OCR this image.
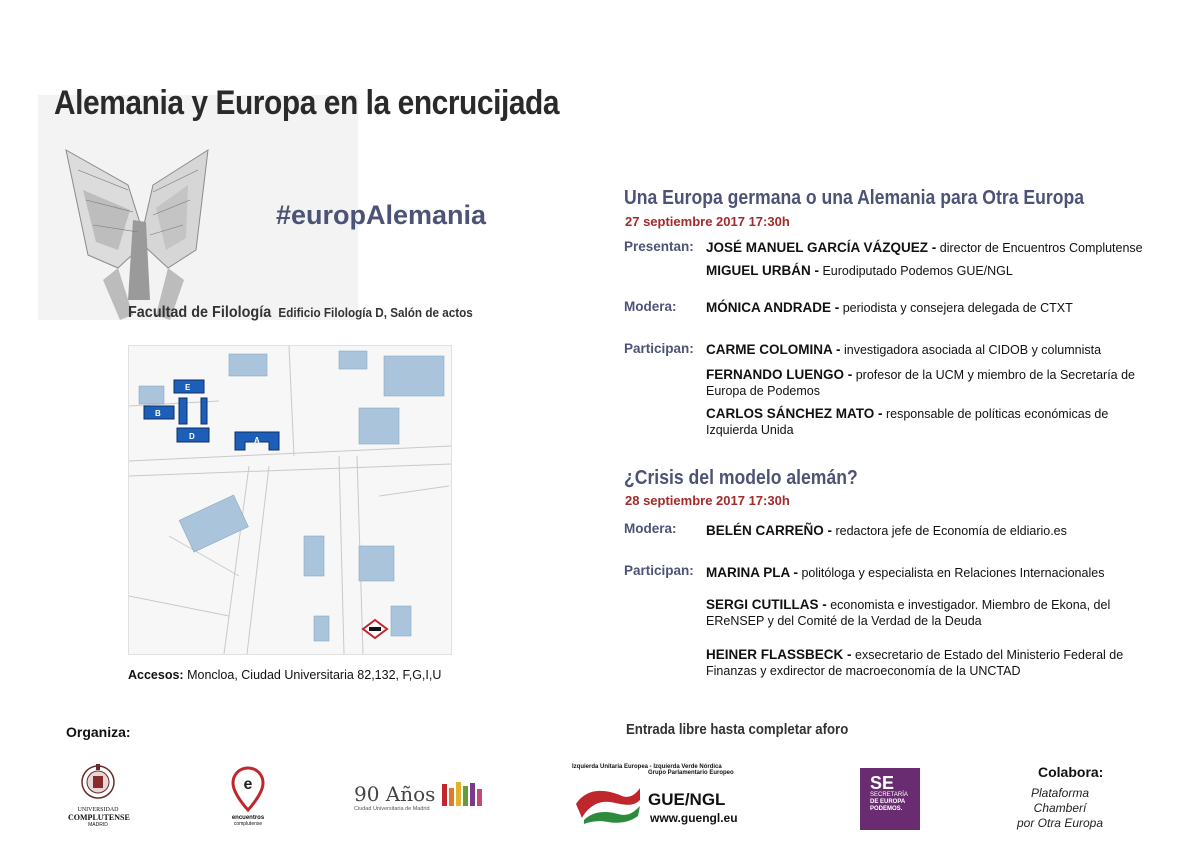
Alemania y Europa en la encrucijada
#europAlemania
Facultad de Filología Edificio Filología D, Salón de actos
E
B
D	A
Accesos: Moncloa, Ciudad Universitaria 82,132, F,G,I,U
Una Europa germana o una Alemania para Otra Europa
27 septiembre 2017 17:30h
Presentan: JOSÉ MANUEL GARCÍA VÁZQUEZ - director de Encuentros Complutense
MIGUEL URBÁN - Eurodiputado Podemos GUE/NGL
Modera: MÓNICA ANDRADE - periodista y consejera delegada de CTXT
Participan: CARME COLOMINA - investigadora asociada al CIDOB y columnista
FERNANDO LUENGO - profesor de la UCM y miembro de la Secretaría de Europa de Podemos
CARLOS SÁNCHEZ MATO - responsable de políticas económicas de Izquierda Unida
¿Crisis del modelo alemán?
28 septiembre 2017 17:30h
Modera: BELÉN CARREÑO - redactora jefe de Economía de eldiario.es
Participan: MARINA PLA - politóloga y especialista en Relaciones Internacionales
SERGI CUTILLAS - economista e investigador. Miembro de Ekona, del EReNSEP y del Comité de la Verdad de la Deuda
HEINER FLASSBECK - exsecretario de Estado del Ministerio Federal de Finanzas y exdirector de macroeconomía de la UNCTAD
Organiza:	Entrada libre hasta completar aforo
UNIVERSIDAD
COMPLUTENSE
MADRID
e
encuentros
complutense
90 Años
Ciudad Universitaria de Madrid
Izquierda Unitaria Europea - Izquierda Verde Nórdica
Grupo Parlamentario Europeo
GUE/NGL
www.guengl.eu
SE
SECRETARÍA
DE EUROPA
PODEMOS.
Colabora:
Plataforma
Chamberí
por Otra Europa
